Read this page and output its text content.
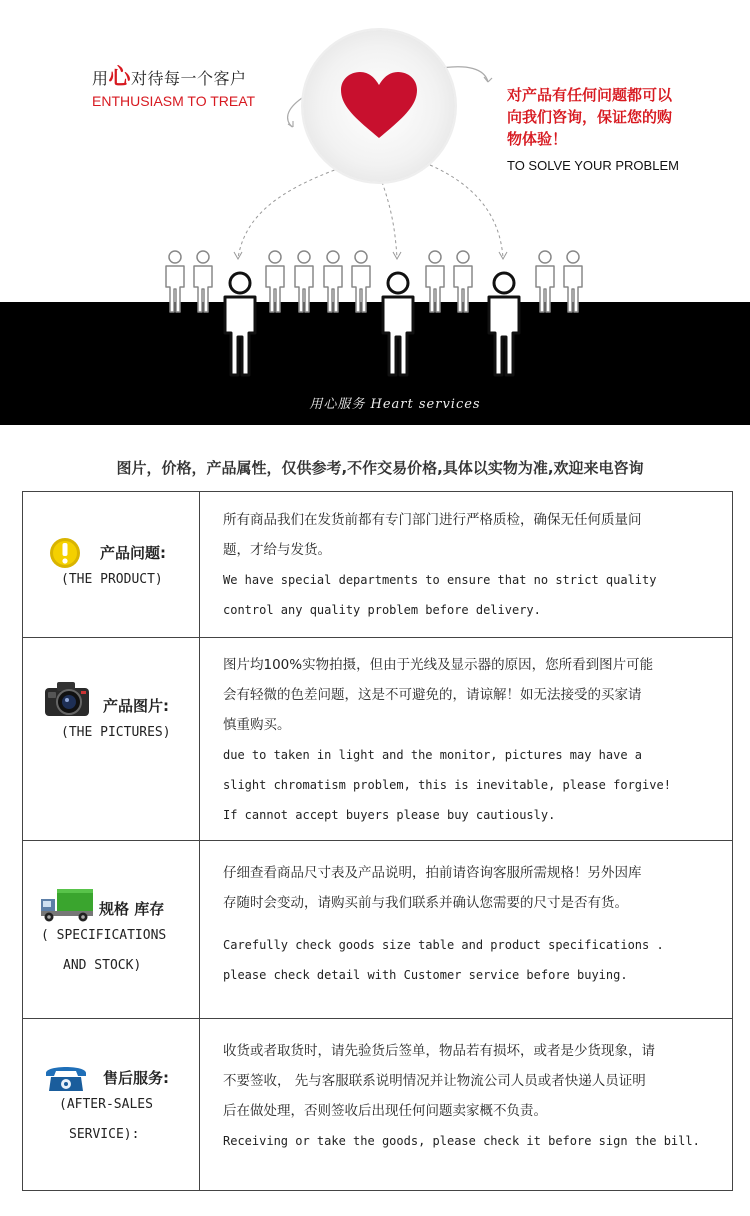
用心对待每一个客户
ENTHUSIASM TO TREAT	对产品有任何问题都可以
向我们咨询，保证您的购
物体验！
TO SOLVE YOUR PROBLEM
用心服务 Heart services
图片，价格，产品属性，仅供参考,不作交易价格,具体以实物为准,欢迎来电咨询
产品问题:
(THE PRODUCT)
所有商品我们在发货前都有专门部门进行严格质检，确保无任何质量问
题，才给与发货。
We have special departments to ensure that no strict quality
control any quality problem before delivery.
产品图片:
(THE PICTURES)
图片均100%实物拍摄，但由于光线及显示器的原因，您所看到图片可能
会有轻微的色差问题，这是不可避免的，请谅解！如无法接受的买家请
慎重购买。
due to taken in light and the monitor, pictures may have a
slight chromatism problem, this is inevitable, please forgive!
If cannot accept buyers please buy cautiously.
规格 库存
( SPECIFICATIONS
AND STOCK)
仔细查看商品尺寸表及产品说明，拍前请咨询客服所需规格！另外因库
存随时会变动，请购买前与我们联系并确认您需要的尺寸是否有货。
Carefully check goods size table and product specifications .
please check detail with Customer service before buying.
售后服务:
(AFTER-SALES
SERVICE):
收货或者取货时，请先验货后签单，物品若有损坏，或者是少货现象，请
不要签收， 先与客服联系说明情况并让物流公司人员或者快递人员证明
后在做处理，否则签收后出现任何问题卖家概不负责。
Receiving or take the goods, please check it before sign the bill.
